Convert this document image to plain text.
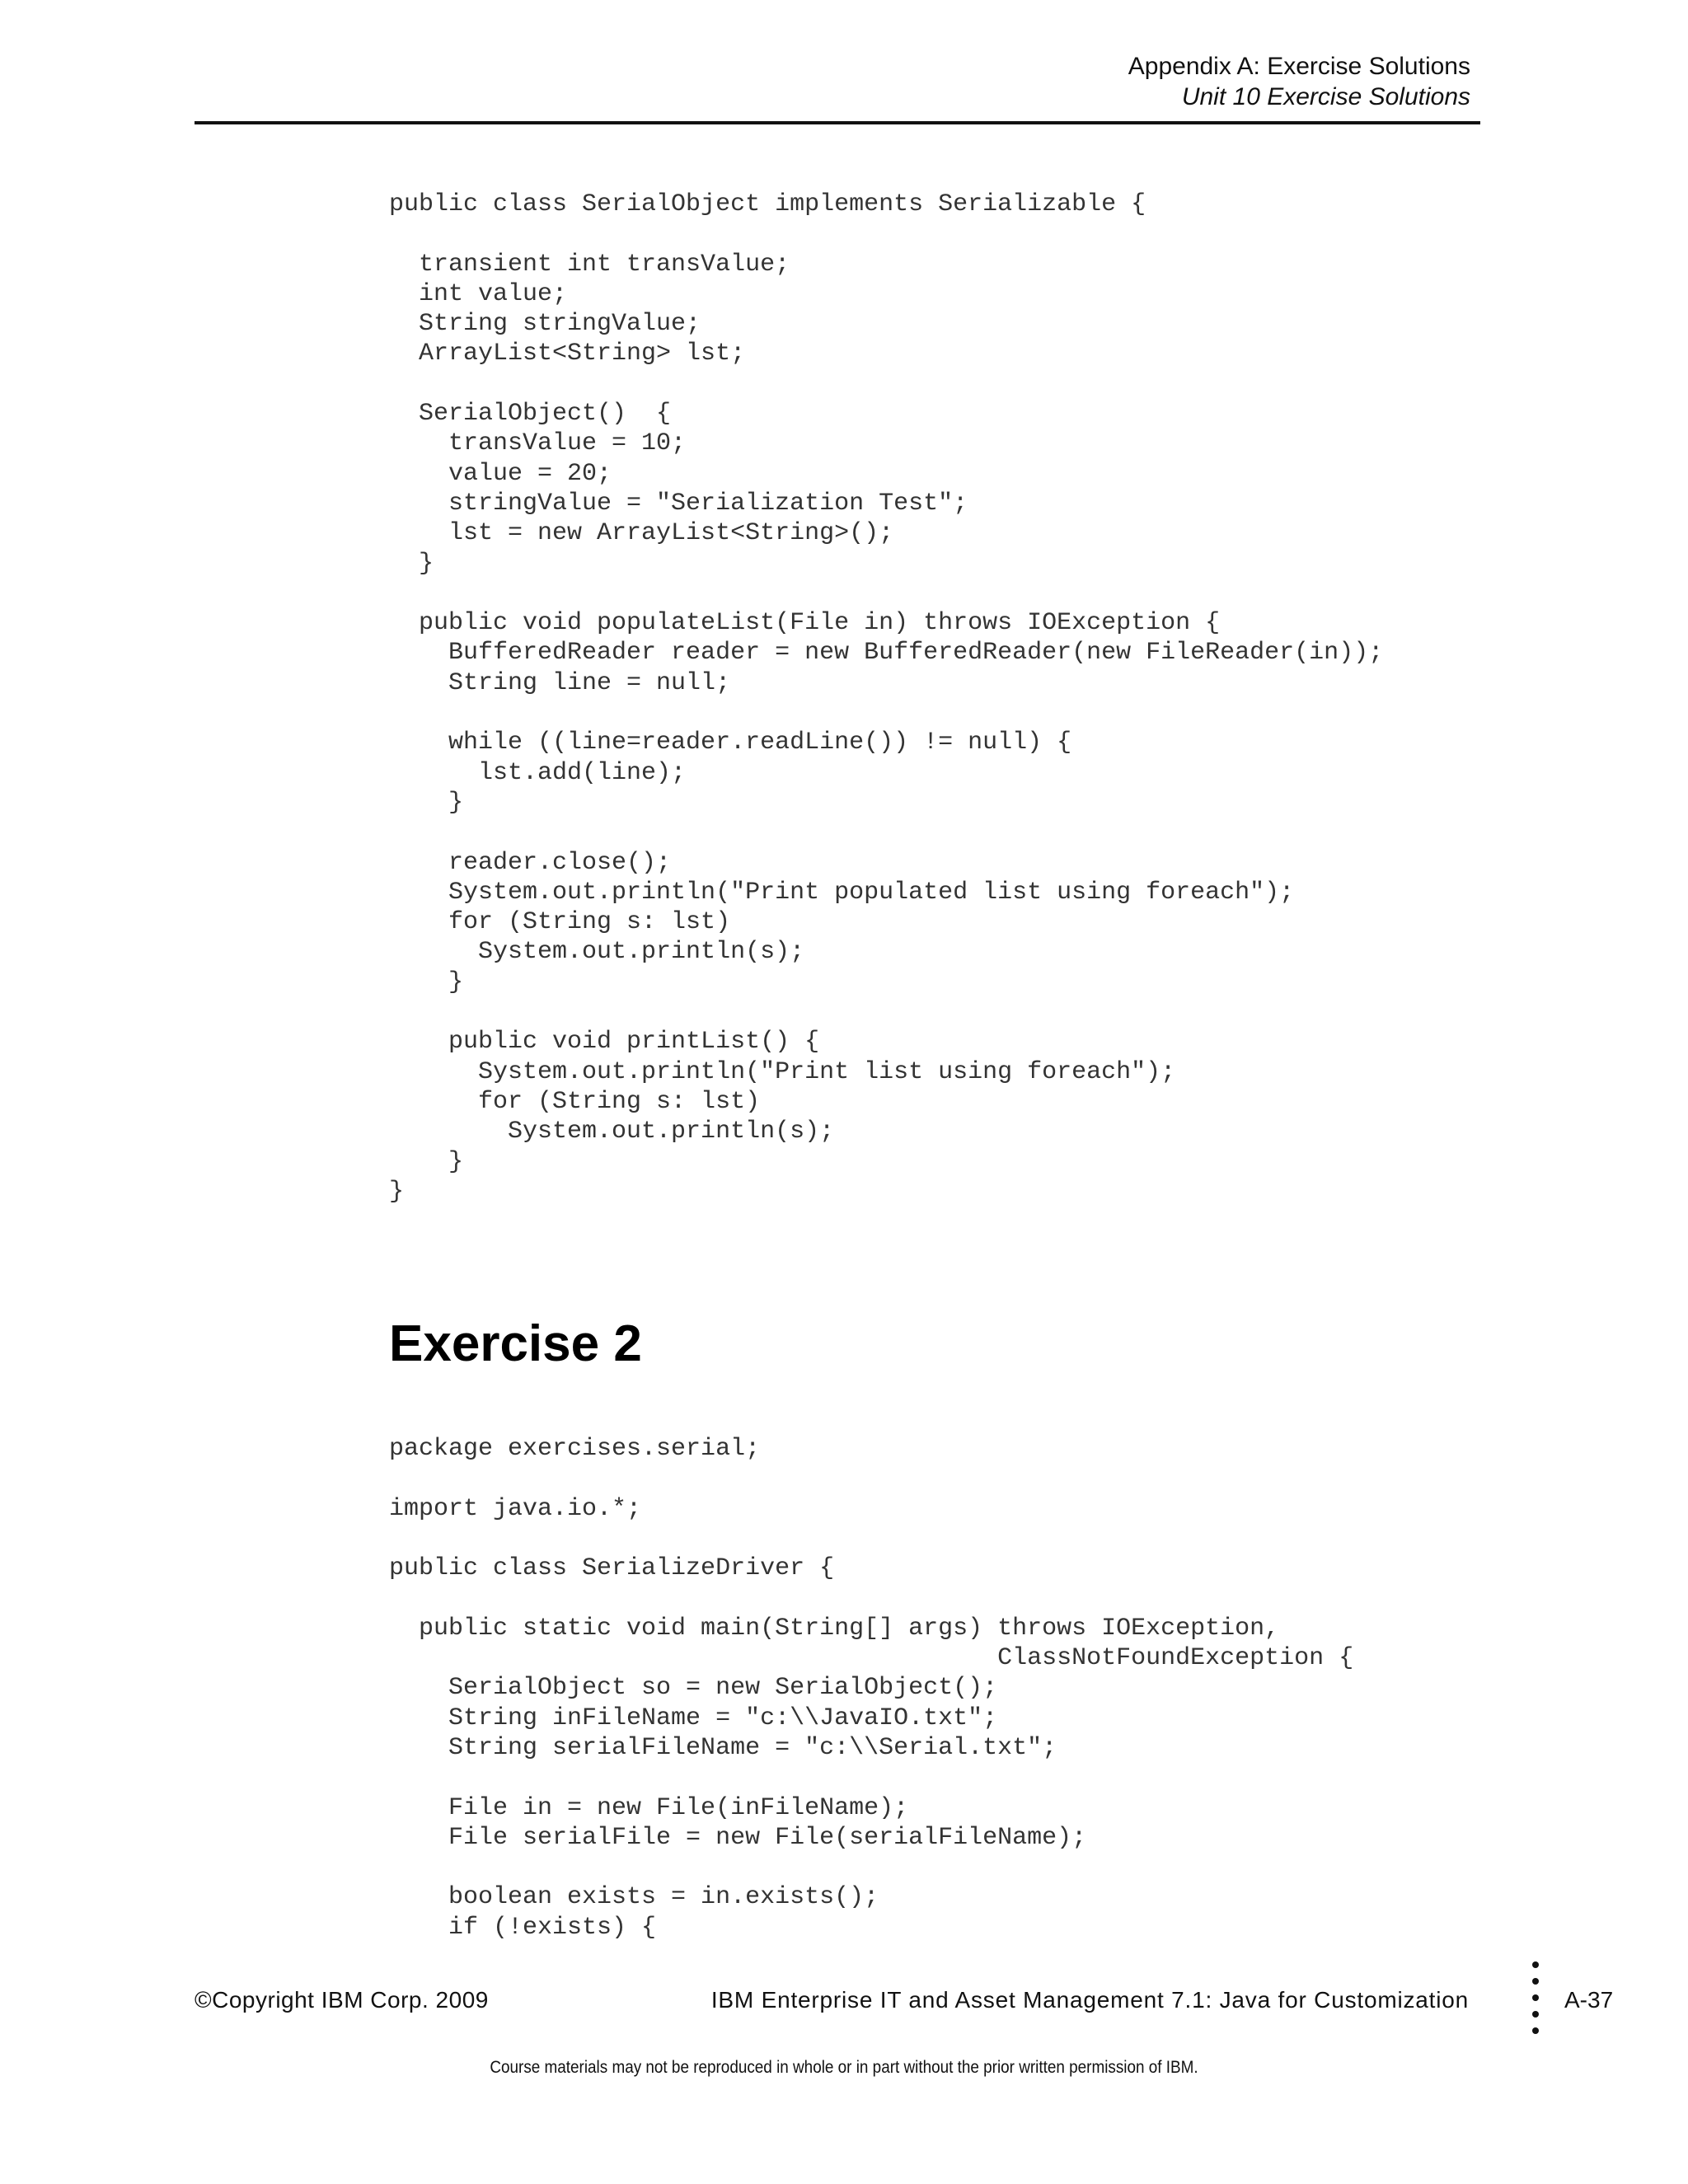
Appendix A: Exercise Solutions
Unit 10 Exercise Solutions
public class SerialObject implements Serializable {

transient int transValue;
int value;
String stringValue;
ArrayList<String> lst;

SerialObject()  {
transValue = 10;
value = 20;
stringValue = "Serialization Test";
lst = new ArrayList<String>();
}

public void populateList(File in) throws IOException {
BufferedReader reader = new BufferedReader(new FileReader(in));
String line = null;

while ((line=reader.readLine()) != null) {
lst.add(line);
}

reader.close();
System.out.println("Print populated list using foreach");
for (String s: lst)
System.out.println(s);
}

public void printList() {
System.out.println("Print list using foreach");
for (String s: lst)
System.out.println(s);
}
}
Exercise 2
package exercises.serial;

import java.io.*;

public class SerializeDriver {

public static void main(String[] args) throws IOException,
ClassNotFoundException {
SerialObject so = new SerialObject();
String inFileName = "c:\\JavaIO.txt";
String serialFileName = "c:\\Serial.txt";

File in = new File(inFileName);
File serialFile = new File(serialFileName);

boolean exists = in.exists();
if (!exists) {
©Copyright IBM Corp. 2009	IBM Enterprise IT and Asset Management 7.1: Java for Customization	A-37
Course materials may not be reproduced in whole or in part without the prior written permission of IBM.
